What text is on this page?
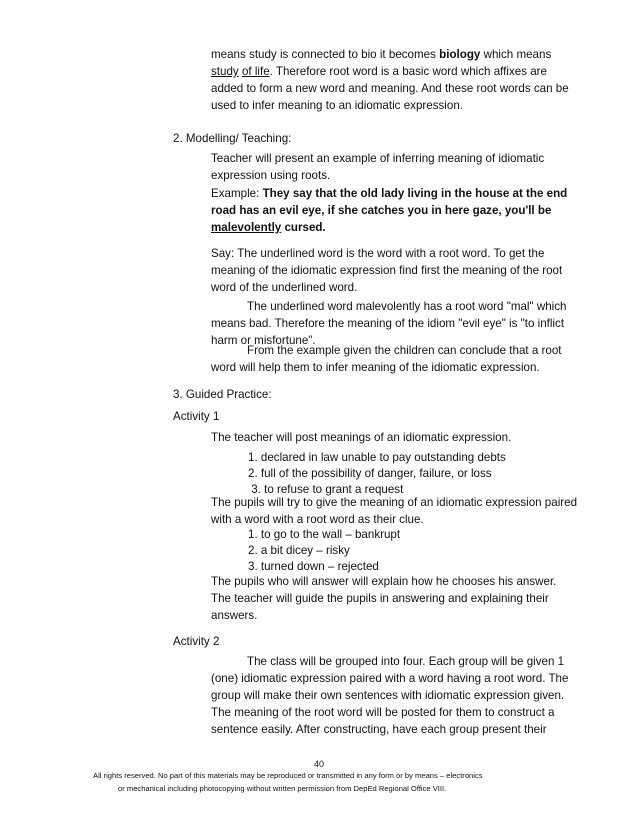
means study is connected to bio it becomes biology which means study of life. Therefore root word is a basic word which affixes are added to form a new word and meaning. And these root words can be used to infer meaning to an idiomatic expression.

2. Modelling/ Teaching:

Teacher will present an example of inferring meaning of idiomatic expression using roots.

Example: They say that the old lady living in the house at the end road has an evil eye, if she catches you in here gaze, you'll be malevolently cursed.

Say: The underlined word is the word with a root word. To get the meaning of the idiomatic expression find first the meaning of the root word of the underlined word.

The underlined word malevolently has a root word "mal" which means bad. Therefore the meaning of the idiom "evil eye" is "to inflict harm or misfortune".

From the example given the children can conclude that a root word will help them to infer meaning of the idiomatic expression.

3. Guided Practice:
Activity 1

The teacher will post meanings of an idiomatic expression.

1. declared in law unable to pay outstanding debts

2. full of the possibility of danger, failure, or loss

3. to refuse to grant a request

The pupils will try to give the meaning of an idiomatic expression paired with a word with a root word as their clue.

1. to go to the wall – bankrupt

2. a bit dicey – risky

3. turned down – rejected

The pupils who will answer will explain how he chooses his answer. The teacher will guide the pupils in answering and explaining their answers.

Activity 2

The class will be grouped into four. Each group will be given 1 (one) idiomatic expression paired with a word having a root word. The group will make their own sentences with idiomatic expression given. The meaning of the root word will be posted for them to construct a sentence easily. After constructing, have each group present their

40
All rights reserved. No part of this materials may be reproduced or transmitted in any form or by means – electronics
or mechanical including photocopying without written permission from DepEd Regional Office VIII.
